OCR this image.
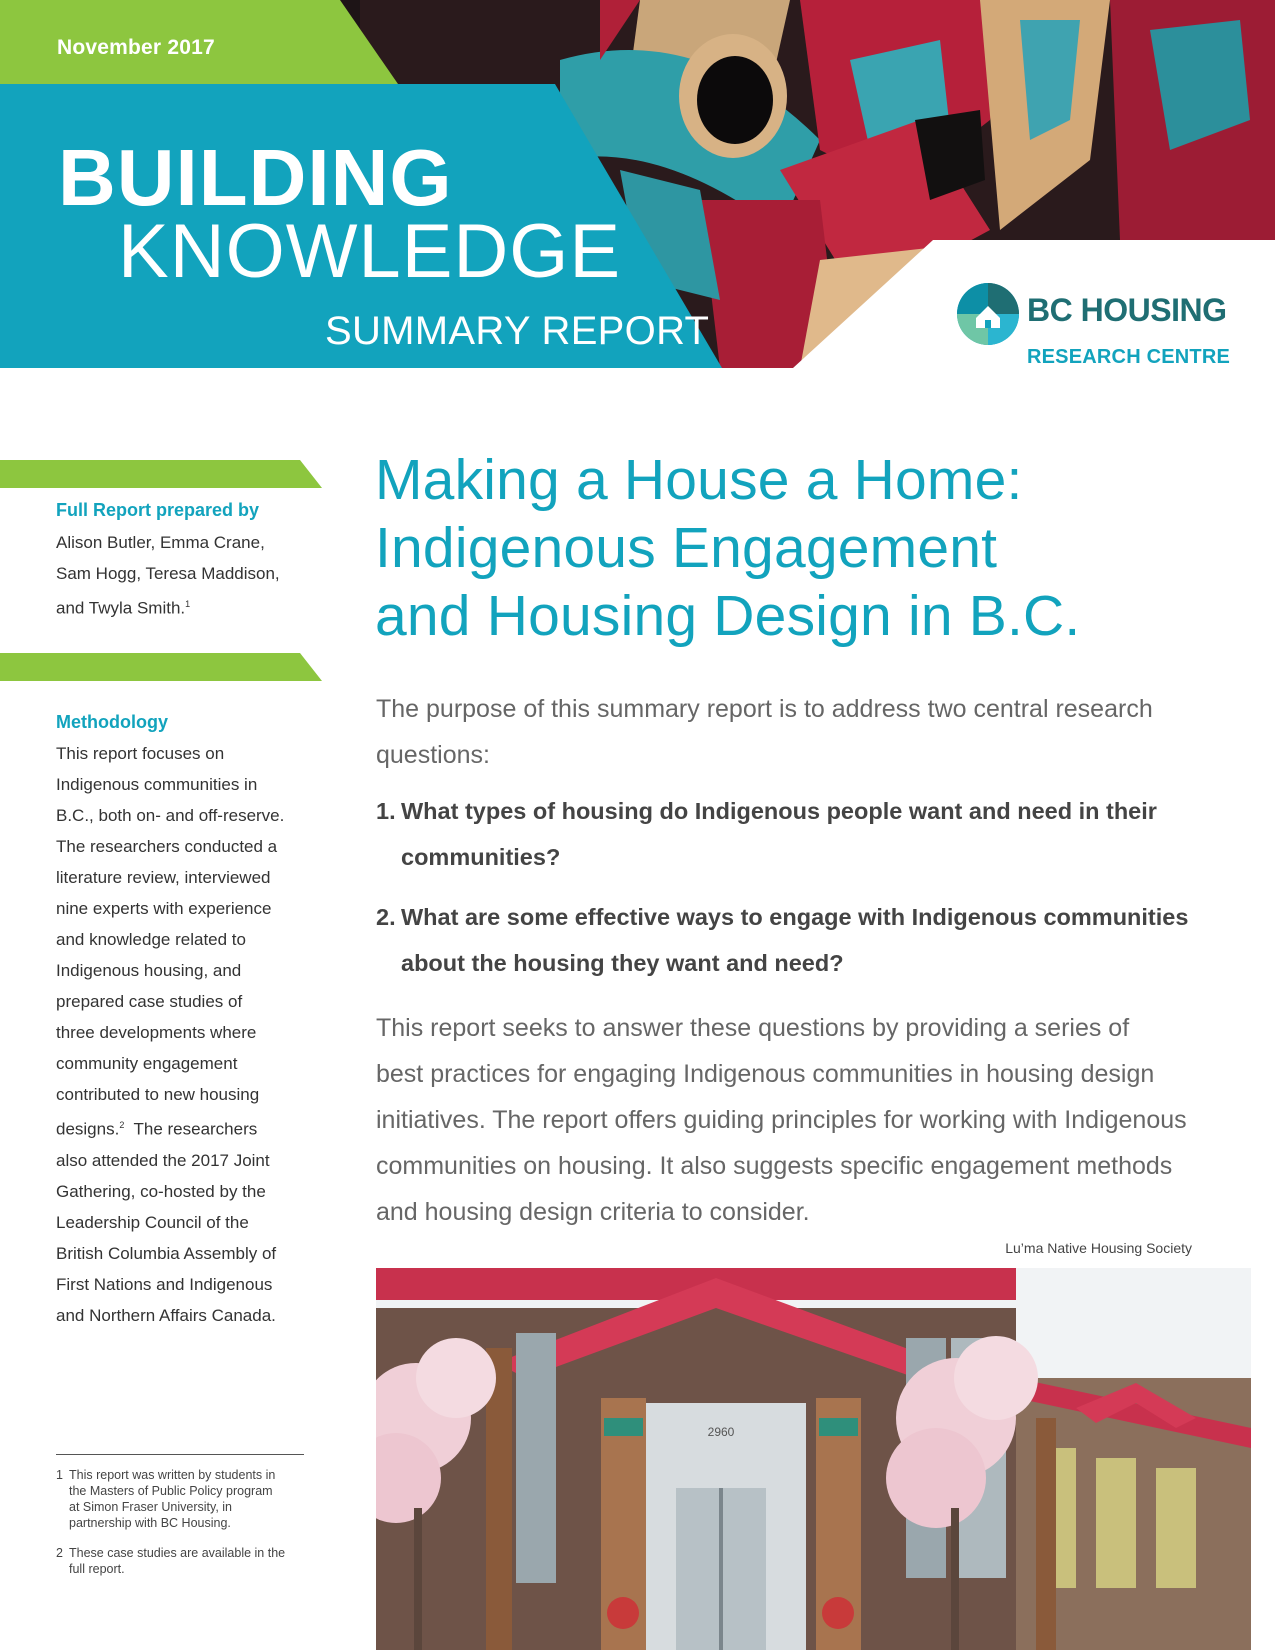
November 2017
BUILDING
KNOWLEDGE
SUMMARY REPORT	BC HOUSING
RESEARCH CENTRE
Full Report prepared by
Alison Butler, Emma Crane,
Sam Hogg, Teresa Maddison,
and Twyla Smith.$^1$
Methodology
This report focuses on
Indigenous communities in
B.C., both on- and off-reserve.
The researchers conducted a
literature review, interviewed
nine experts with experience
and knowledge related to
Indigenous housing, and
prepared case studies of
three developments where
community engagement
contributed to new housing
designs.$^2$ The researchers
also attended the 2017 Joint
Gathering, co-hosted by the
Leadership Council of the
British Columbia Assembly of
First Nations and Indigenous
and Northern Affairs Canada.
1 This report was written by students in
the Masters of Public Policy program
at Simon Fraser University, in
partnership with BC Housing.
2 These case studies are available in the
full report.
Making a House a Home:
Indigenous Engagement
and Housing Design in B.C.
The purpose of this summary report is to address two central research
questions:
1. What types of housing do Indigenous people want and need in their
communities?
2. What are some effective ways to engage with Indigenous communities
about the housing they want and need?
This report seeks to answer these questions by providing a series of
best practices for engaging Indigenous communities in housing design
initiatives. The report offers guiding principles for working with Indigenous
communities on housing. It also suggests specific engagement methods
and housing design criteria to consider.
Lu’ma Native Housing Society
2960
